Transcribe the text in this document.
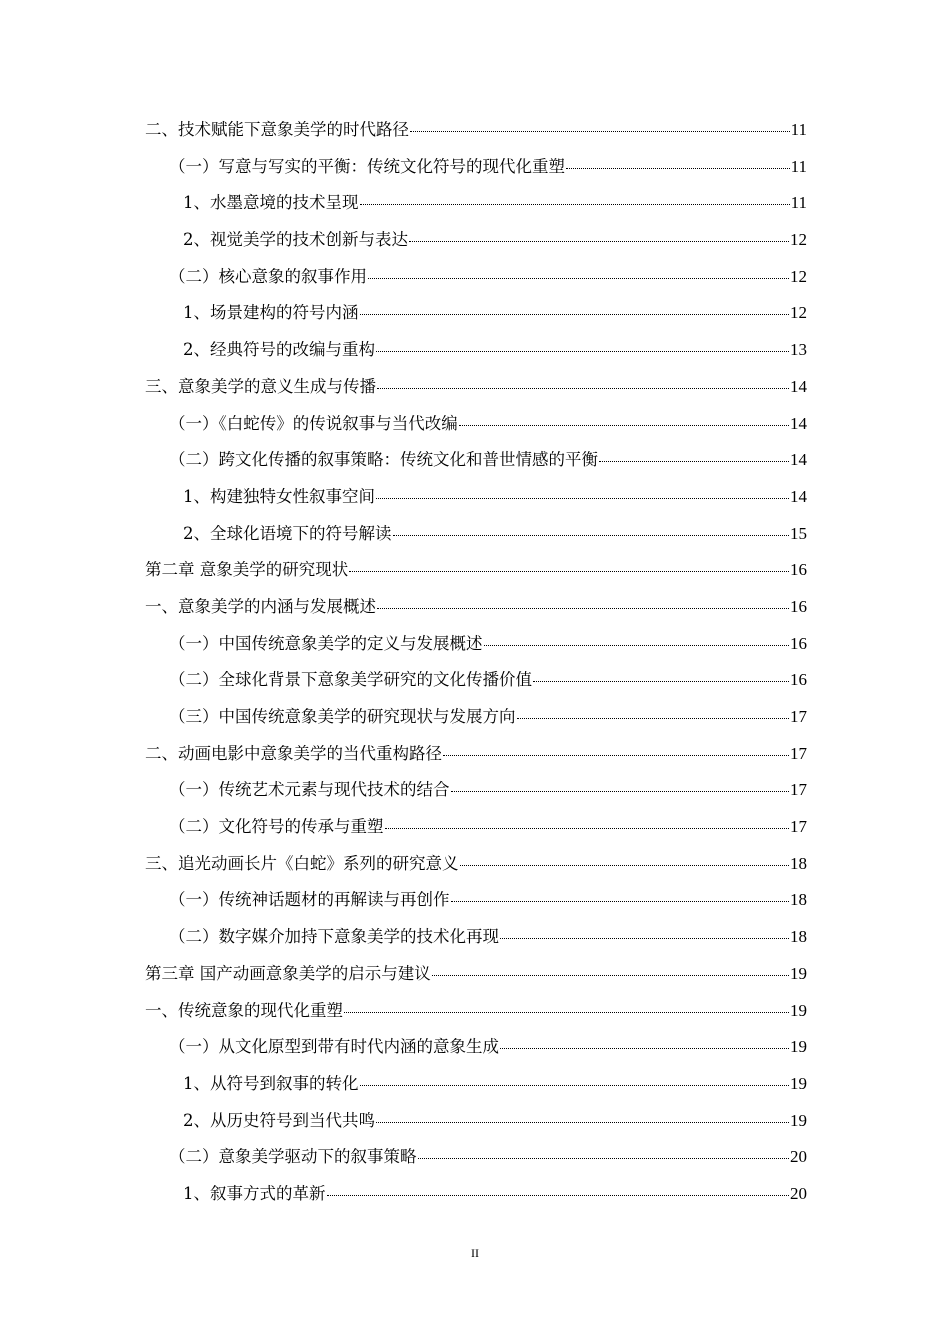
二、技术赋能下意象美学的时代路径	11
（一）写意与写实的平衡：传统文化符号的现代化重塑	11
1、水墨意境的技术呈现	11
2、视觉美学的技术创新与表达	12
（二）核心意象的叙事作用	12
1、场景建构的符号内涵	12
2、经典符号的改编与重构	13
三、意象美学的意义生成与传播	14
（一）《白蛇传》的传说叙事与当代改编	14
（二）跨文化传播的叙事策略：传统文化和普世情感的平衡	14
1、构建独特女性叙事空间	14
2、全球化语境下的符号解读	15
第二章 意象美学的研究现状	16
一、意象美学的内涵与发展概述	16
（一）中国传统意象美学的定义与发展概述	16
（二）全球化背景下意象美学研究的文化传播价值	16
（三）中国传统意象美学的研究现状与发展方向	17
二、动画电影中意象美学的当代重构路径	17
（一）传统艺术元素与现代技术的结合	17
（二）文化符号的传承与重塑	17
三、追光动画长片《白蛇》系列的研究意义	18
（一）传统神话题材的再解读与再创作	18
（二）数字媒介加持下意象美学的技术化再现	18
第三章 国产动画意象美学的启示与建议	19
一、传统意象的现代化重塑	19
（一）从文化原型到带有时代内涵的意象生成	19
1、从符号到叙事的转化	19
2、从历史符号到当代共鸣	19
（二）意象美学驱动下的叙事策略	20
1、叙事方式的革新	20
II
